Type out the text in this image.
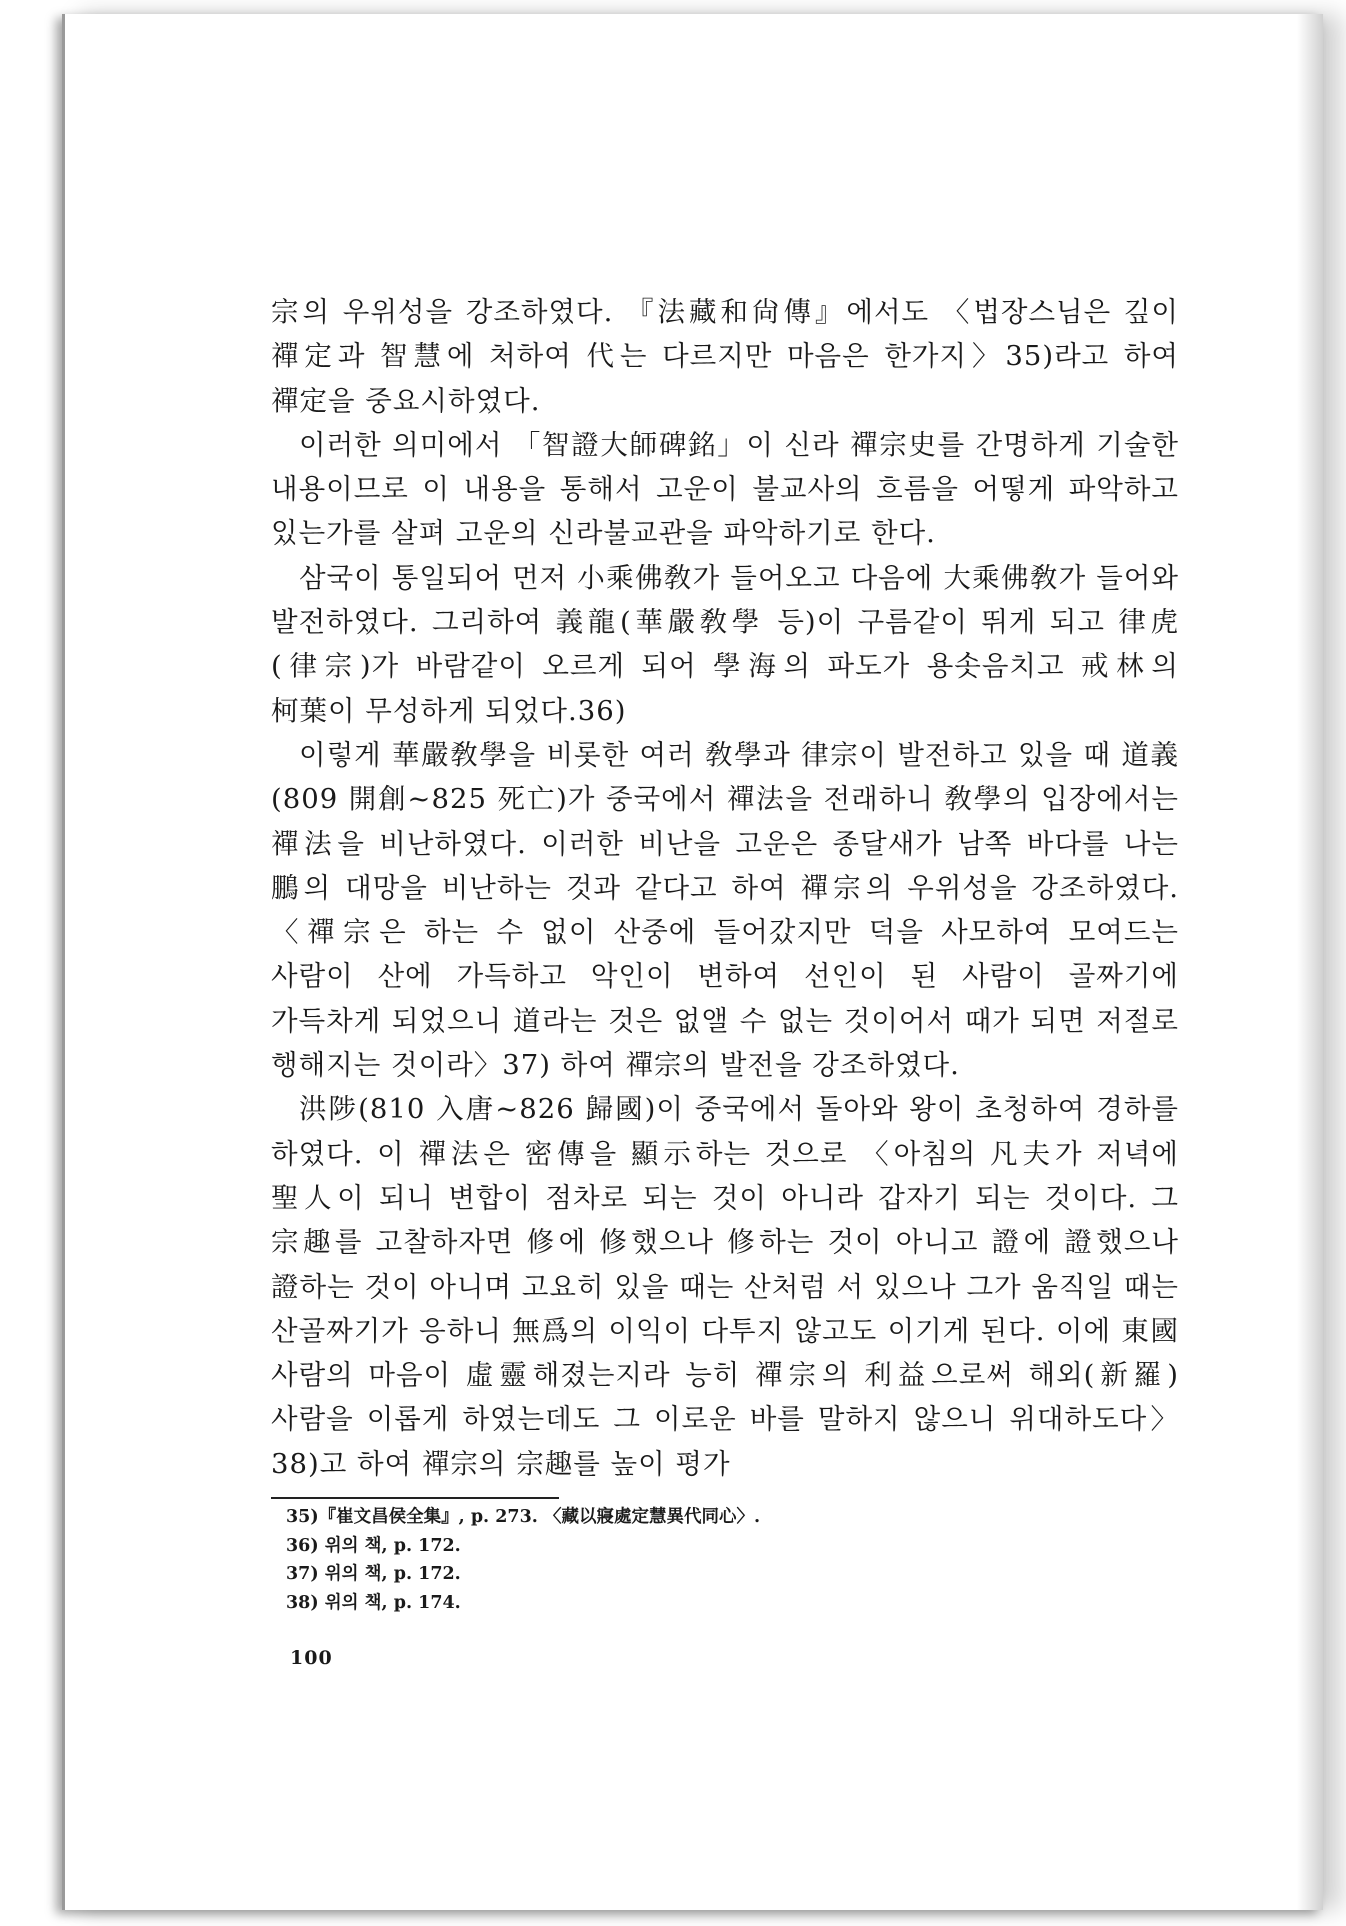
宗의 우위성을 강조하였다. 『法藏和尙傳』에서도 〈법장스님은 깊이 禪定과 智慧에 처하여 代는 다르지만 마음은 한가지〉35)라고 하여 禪定을 중요시하였다.

이러한 의미에서 「智證大師碑銘」이 신라 禪宗史를 간명하게 기술한 내용이므로 이 내용을 통해서 고운이 불교사의 흐름을 어떻게 파악하고 있는가를 살펴 고운의 신라불교관을 파악하기로 한다.

삼국이 통일되어 먼저 小乘佛敎가 들어오고 다음에 大乘佛敎가 들어와 발전하였다. 그리하여 義龍(華嚴敎學 등)이 구름같이 뛰게 되고 律虎(律宗)가 바람같이 오르게 되어 學海의 파도가 용솟음치고 戒林의 柯葉이 무성하게 되었다.36)

이렇게 華嚴敎學을 비롯한 여러 敎學과 律宗이 발전하고 있을 때 道義(809 開創~825 死亡)가 중국에서 禪法을 전래하니 敎學의 입장에서는 禪法을 비난하였다. 이러한 비난을 고운은 종달새가 남쪽 바다를 나는 鵬의 대망을 비난하는 것과 같다고 하여 禪宗의 우위성을 강조하였다. 〈禪宗은 하는 수 없이 산중에 들어갔지만 덕을 사모하여 모여드는 사람이 산에 가득하고 악인이 변하여 선인이 된 사람이 골짜기에 가득차게 되었으니 道라는 것은 없앨 수 없는 것이어서 때가 되면 저절로 행해지는 것이라〉37) 하여 禪宗의 발전을 강조하였다.

洪陟(810 入唐~826 歸國)이 중국에서 돌아와 왕이 초청하여 경하를 하였다. 이 禪法은 密傳을 顯示하는 것으로 〈아침의 凡夫가 저녁에 聖人이 되니 변합이 점차로 되는 것이 아니라 갑자기 되는 것이다. 그 宗趣를 고찰하자면 修에 修했으나 修하는 것이 아니고 證에 證했으나 證하는 것이 아니며 고요히 있을 때는 산처럼 서 있으나 그가 움직일 때는 산골짜기가 응하니 無爲의 이익이 다투지 않고도 이기게 된다. 이에 東國 사람의 마음이 虛靈해졌는지라 능히 禪宗의 利益으로써 해외(新羅) 사람을 이롭게 하였는데도 그 이로운 바를 말하지 않으니 위대하도다〉38)고 하여 禪宗의 宗趣를 높이 평가

35)『崔文昌侯全集』, p. 273. 〈藏以寢處定慧異代同心〉.

36) 위의 책, p. 172.

37) 위의 책, p. 172.

38) 위의 책, p. 174.

100
